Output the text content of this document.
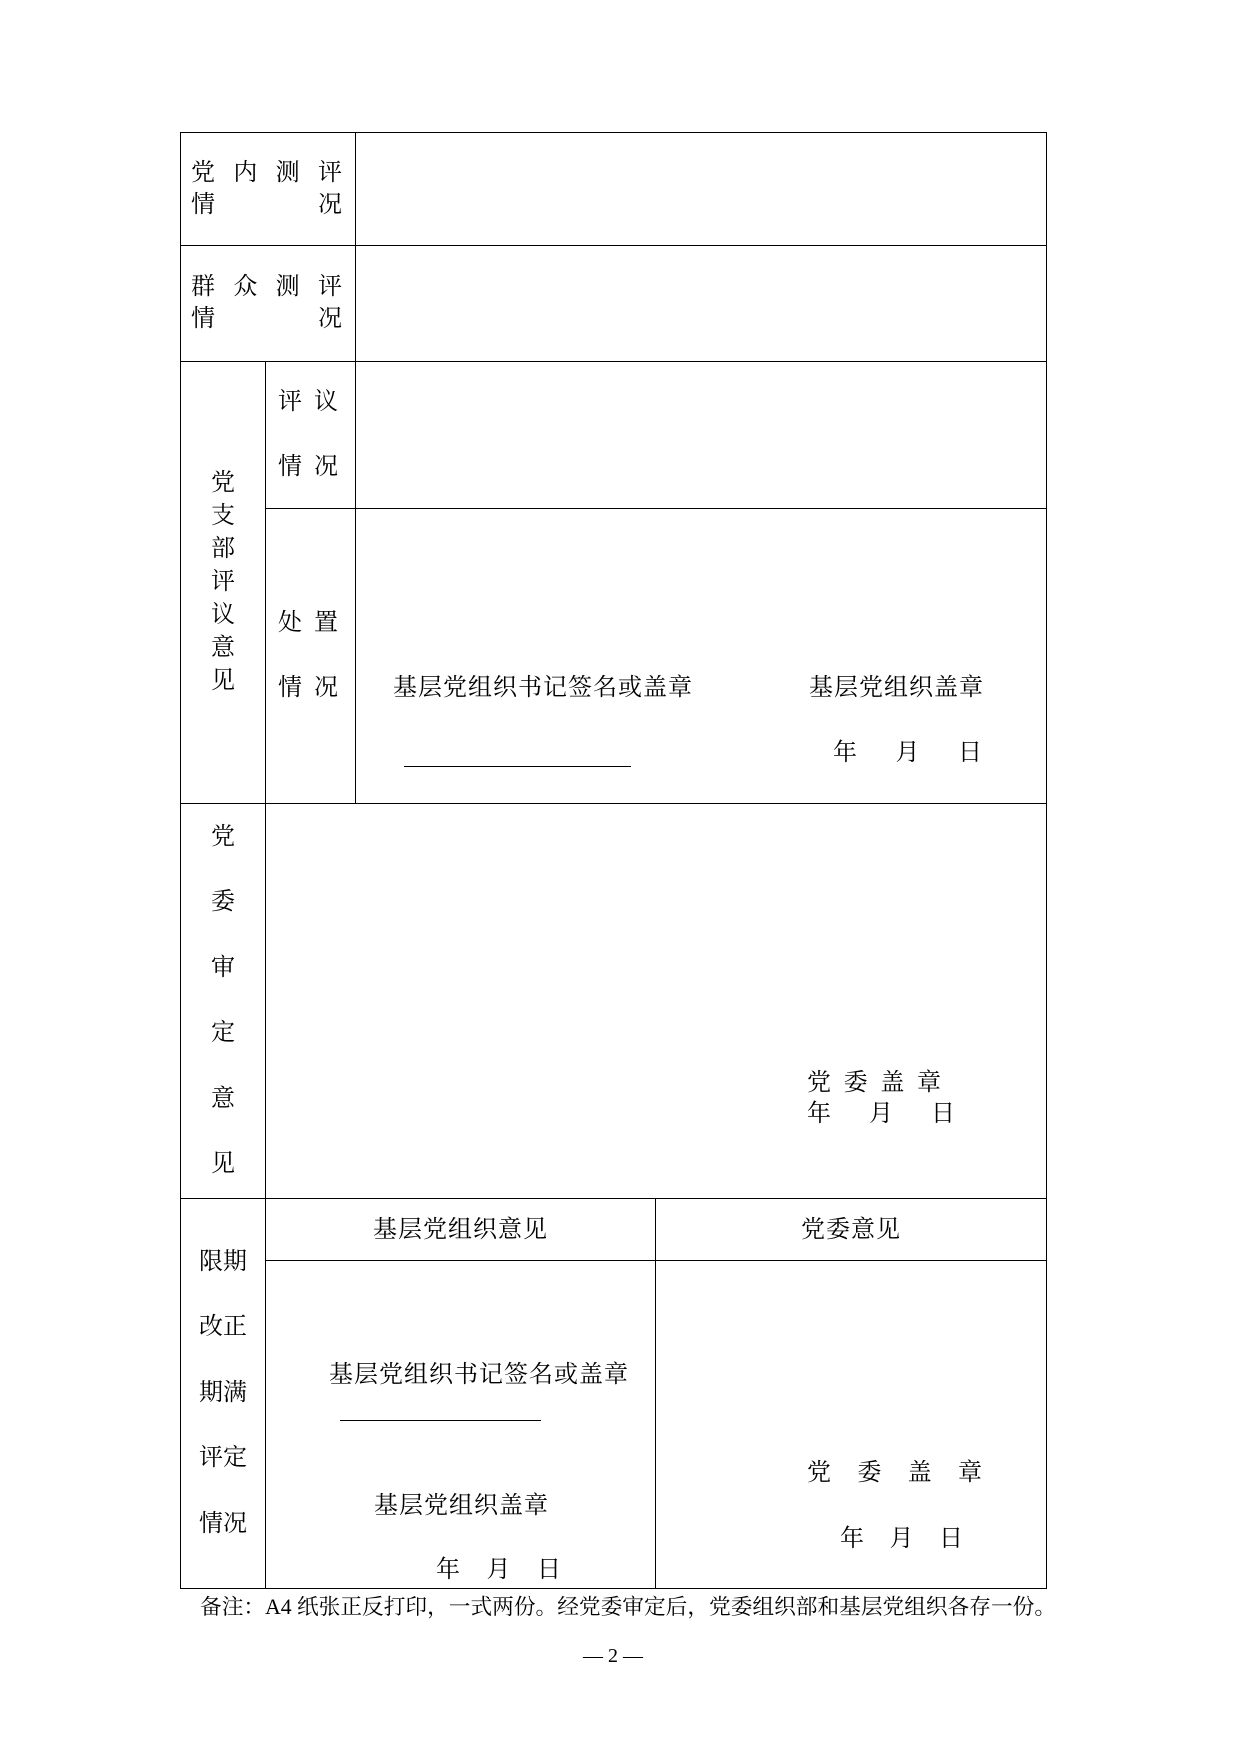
党内测评
情况
群众测评
情况
党支部评议意见
评议
情况
处置
情况 基层党组织书记签名或盖章	基层党组织盖章
年 月 日
党委审定意见
党 委 盖 章
年 月 日
限期
改正
期满
评定
情况
基层党组织意见	党委意见
基层党组织书记签名或盖章
基层党组织盖章
年 月 日
党 委 盖 章
年 月 日
备注：A4 纸张正反打印，一式两份。经党委审定后，党委组织部和基层党组织各存一份。
— 2 —
